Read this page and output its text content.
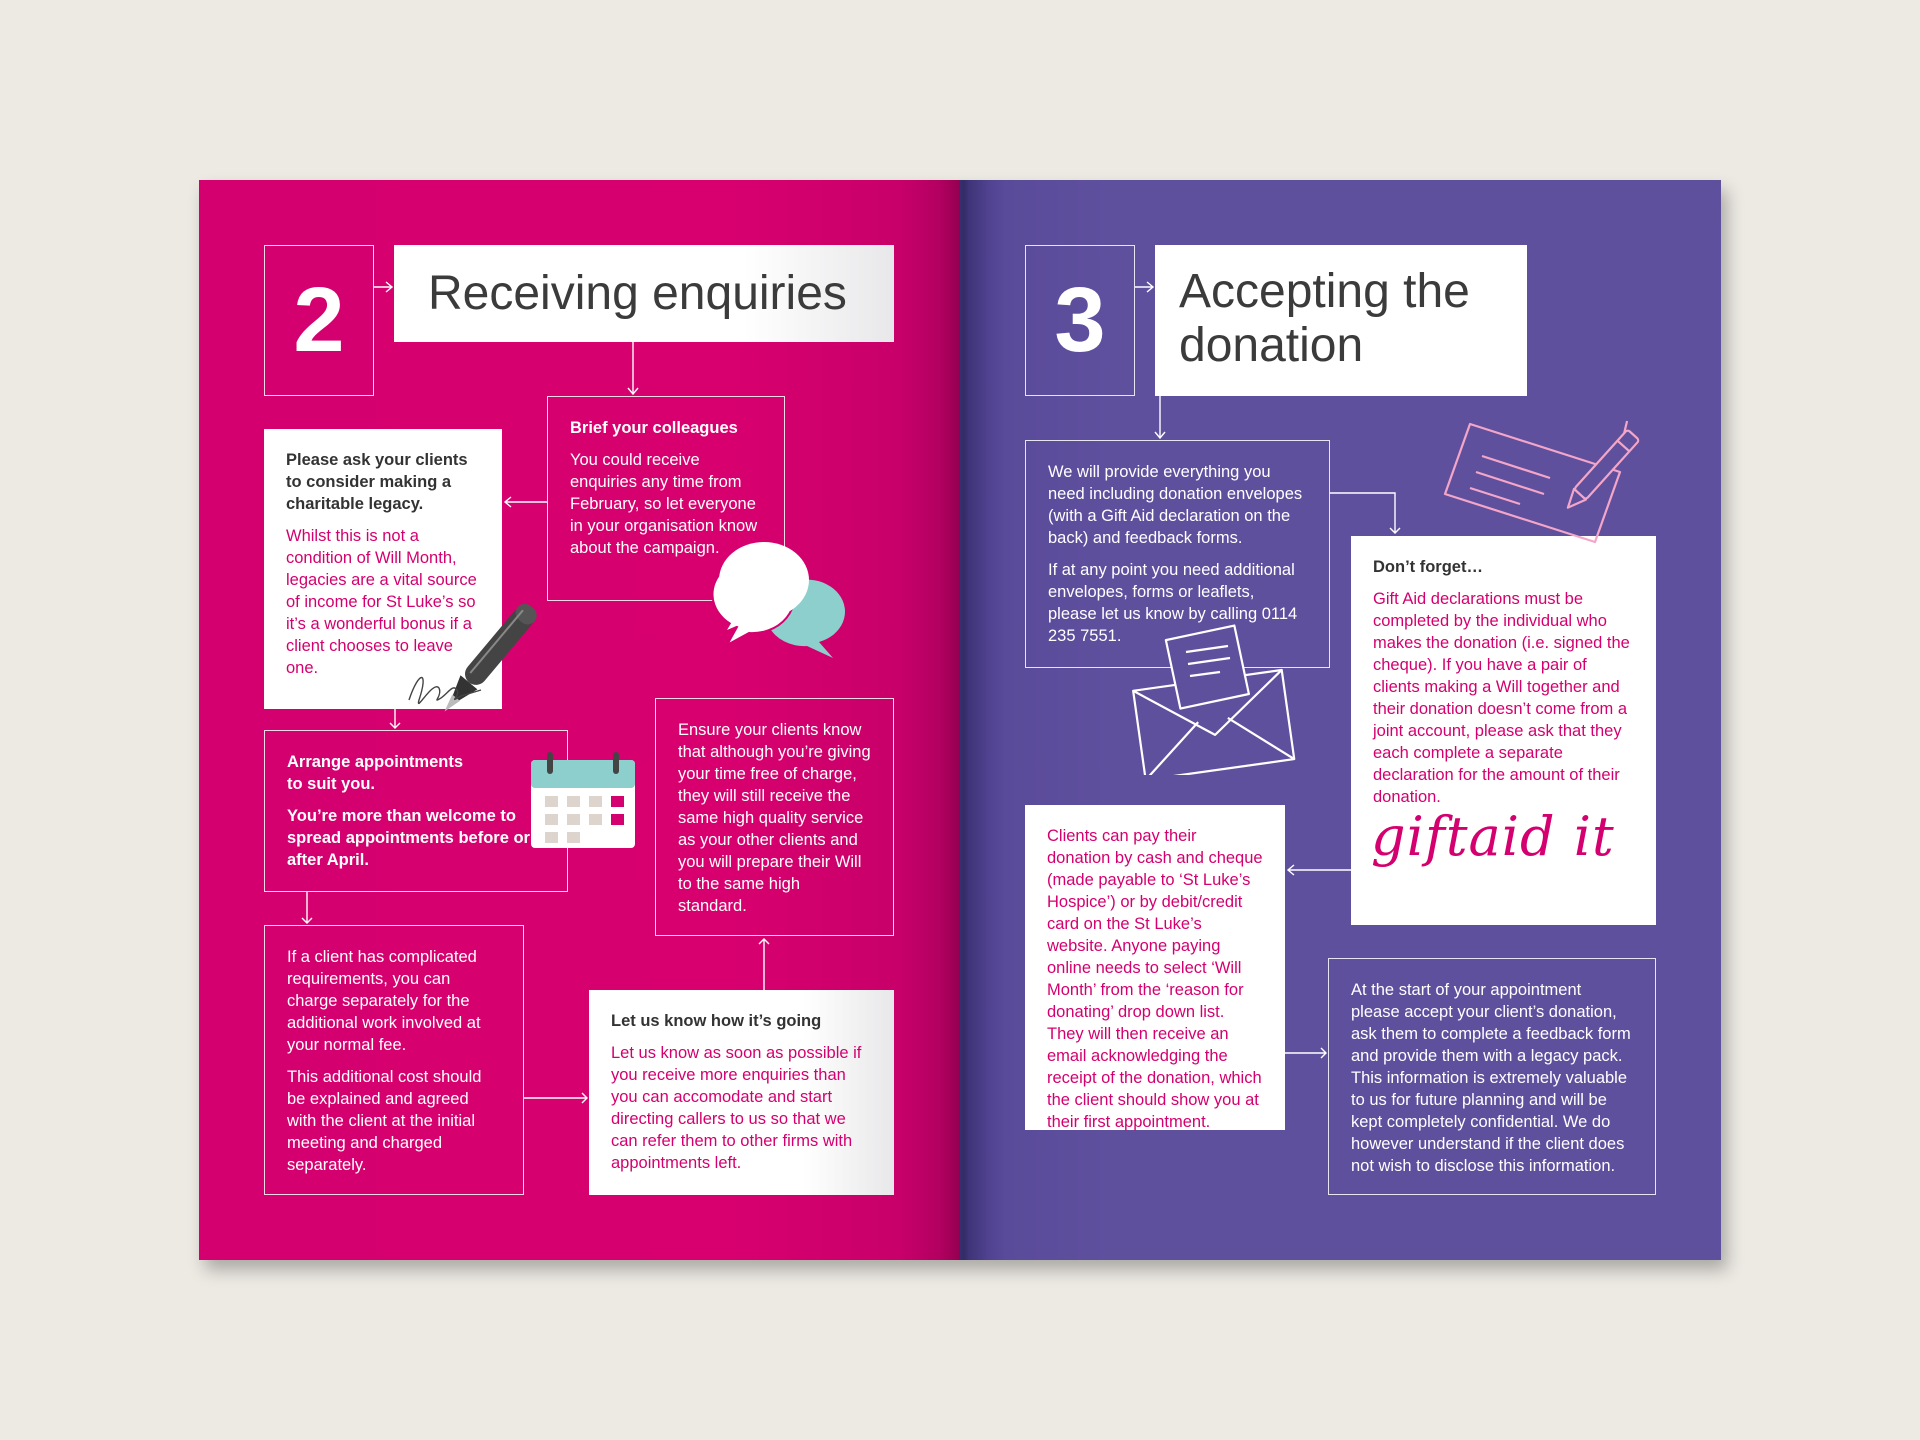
2	Receiving enquiries

Brief your colleagues

You could receive enquiries any time from February, so let everyone in your organisation know about the campaign.

Please ask your clients to consider making a charitable legacy.

Whilst this is not a condition of Will Month, legacies are a vital source of income for St Luke’s so it’s a wonderful bonus if a client chooses to leave one.

Arrange appointments to suit you.

You’re more than welcome to spread appointments before or after April.

Ensure your clients know that although you’re giving your time free of charge, they will still receive the same high quality service as your other clients and you will prepare their Will to the same high standard.

If a client has complicated requirements, you can charge separately for the additional work involved at your normal fee.

This additional cost should be explained and agreed with the client at the initial meeting and charged separately.

Let us know how it’s going

Let us know as soon as possible if you receive more enquiries than you can accomodate and start directing callers to us so that we can refer them to other firms with appointments left.

3	Accepting the
donation

We will provide everything you need including donation envelopes (with a Gift Aid declaration on the back) and feedback forms.

If at any point you need additional envelopes, forms or leaflets, please let us know by calling 0114 235 7551.

Don’t forget…

Gift Aid declarations must be completed by the individual who makes the donation (i.e. signed the cheque). If you have a pair of clients making a Will together and their donation doesn’t come from a joint account, please ask that they each complete a separate declaration for the amount of their donation.

giftaid it

Clients can pay their donation by cash and cheque (made payable to ‘St Luke’s Hospice’) or by debit/credit card on the St Luke’s website. Anyone paying online needs to select ‘Will Month’ from the ‘reason for donating’ drop down list. They will then receive an email acknowledging the receipt of the donation, which the client should show you at their first appointment.

At the start of your appointment please accept your client’s donation, ask them to complete a feedback form and provide them with a legacy pack. This information is extremely valuable to us for future planning and will be kept completely confidential. We do however understand if the client does not wish to disclose this information.
